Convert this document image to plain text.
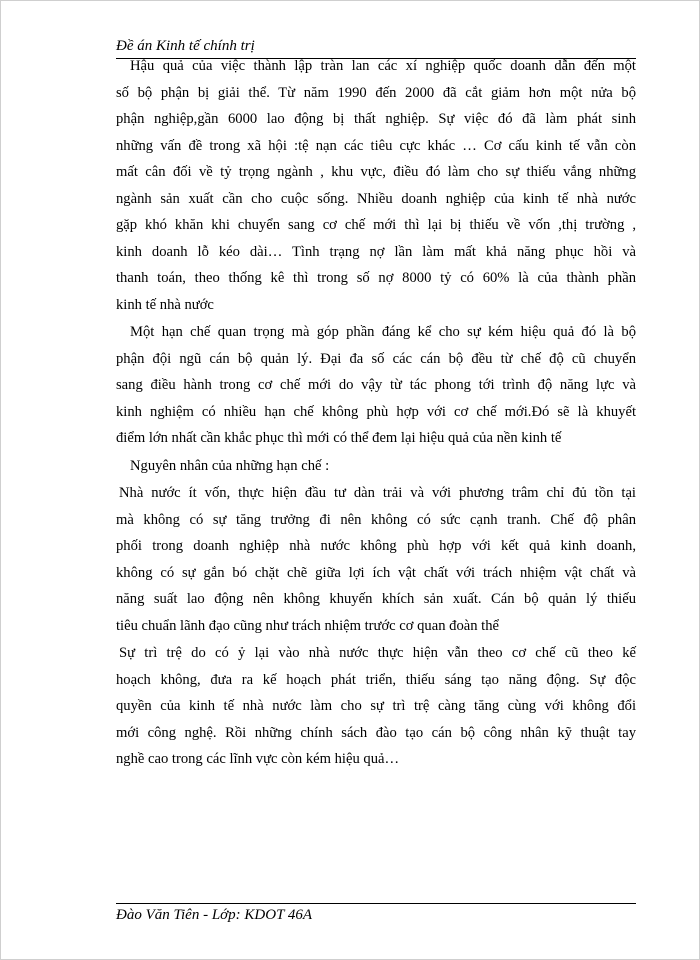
Đề án Kinh tế chính trị
Hậu quả của việc thành lập tràn lan các xí nghiệp quốc doanh dẫn đến một
số bộ phận bị giải thể. Từ năm 1990 đến 2000 đã cắt giảm hơn một nửa bộ
phận nghiệp,gần 6000 lao động bị thất nghiệp. Sự việc đó đã làm phát sinh
những vấn đề trong xã hội :tệ nạn các tiêu cực khác … Cơ cấu kinh tế vẫn còn
mất cân đối về tỷ trọng ngành , khu vực, điều đó làm cho sự thiếu vắng những
ngành sản xuất cần cho cuộc sống. Nhiều doanh nghiệp của kinh tế nhà nước
gặp khó khăn khi chuyển sang cơ chế mới thì lại bị thiếu về vốn ,thị trường ,
kinh doanh lỗ kéo dài… Tình trạng nợ lần làm mất khả năng phục hồi và
thanh toán, theo thống kê thì trong số nợ 8000 tỷ có 60% là của thành phần
kinh tế nhà nước
Một hạn chế quan trọng mà góp phần đáng kể cho sự kém hiệu quả đó là bộ
phận đội ngũ cán bộ quản lý. Đại đa số các cán bộ đều từ chế độ cũ chuyển
sang điều hành trong cơ chế mới do vậy từ tác phong tới trình độ năng lực và
kinh nghiệm có nhiều hạn chế không phù hợp với cơ chế mới.Đó sẽ là khuyết
điểm lớn nhất cần khắc phục thì mới có thể đem lại hiệu quả của nền kinh tế
Nguyên nhân của những hạn chế :
Nhà nước ít vốn, thực hiện đầu tư dàn trải và với phương trâm chỉ đủ tồn tại
mà không có sự tăng trưởng đi nên không có sức cạnh tranh. Chế độ phân
phối trong doanh nghiệp nhà nước không phù hợp với kết quả kinh doanh,
không có sự gắn bó chặt chẽ giữa lợi ích vật chất với trách nhiệm vật chất và
năng suất lao động nên không khuyến khích sản xuất. Cán bộ quản lý thiếu
tiêu chuẩn lãnh đạo cũng như trách nhiệm trước cơ quan đoàn thể
Sự trì trệ do có ỷ lại vào nhà nước thực hiện vẫn theo cơ chế cũ theo kế
hoạch không, đưa ra kế hoạch phát triển, thiếu sáng tạo năng động. Sự độc
quyền của kinh tế nhà nước làm cho sự trì trệ càng tăng cùng với không đổi
mới công nghệ. Rồi những chính sách đào tạo cán bộ công nhân kỹ thuật tay
nghề cao trong các lĩnh vực còn kém hiệu quả…
Đào Văn Tiên - Lớp: KDOT 46A
